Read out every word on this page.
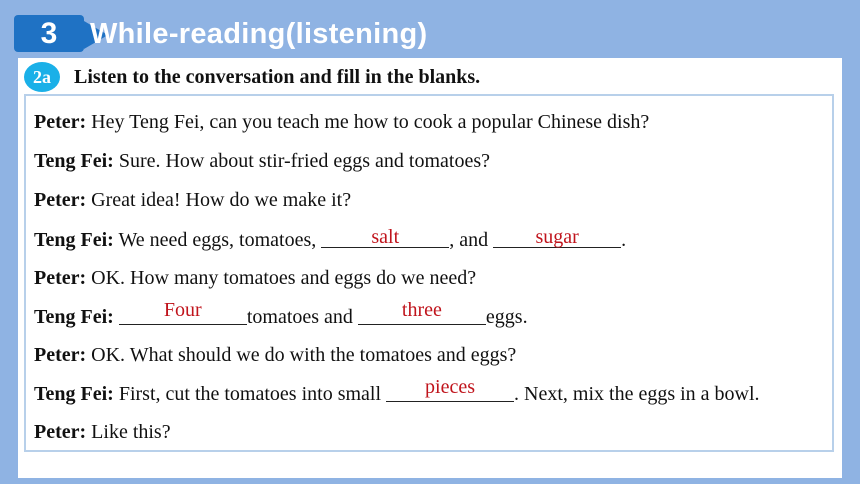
3	While-reading(listening)
2a	Listen to the conversation and fill in the blanks.
Peter: Hey Teng Fei, can you teach me how to cook a popular Chinese dish?
Teng Fei: Sure. How about stir-fried eggs and tomatoes?
Peter: Great idea! How do we make it?
Teng Fei: We need eggs, tomatoes,	salt	, and	sugar	.
Peter: OK. How many tomatoes and eggs do we need?
Teng Fei:	Four	tomatoes and	three	eggs.
Peter: OK. What should we do with the tomatoes and eggs?
Teng Fei: First, cut the tomatoes into small	pieces	. Next, mix the eggs in a bowl.
Peter: Like this?
